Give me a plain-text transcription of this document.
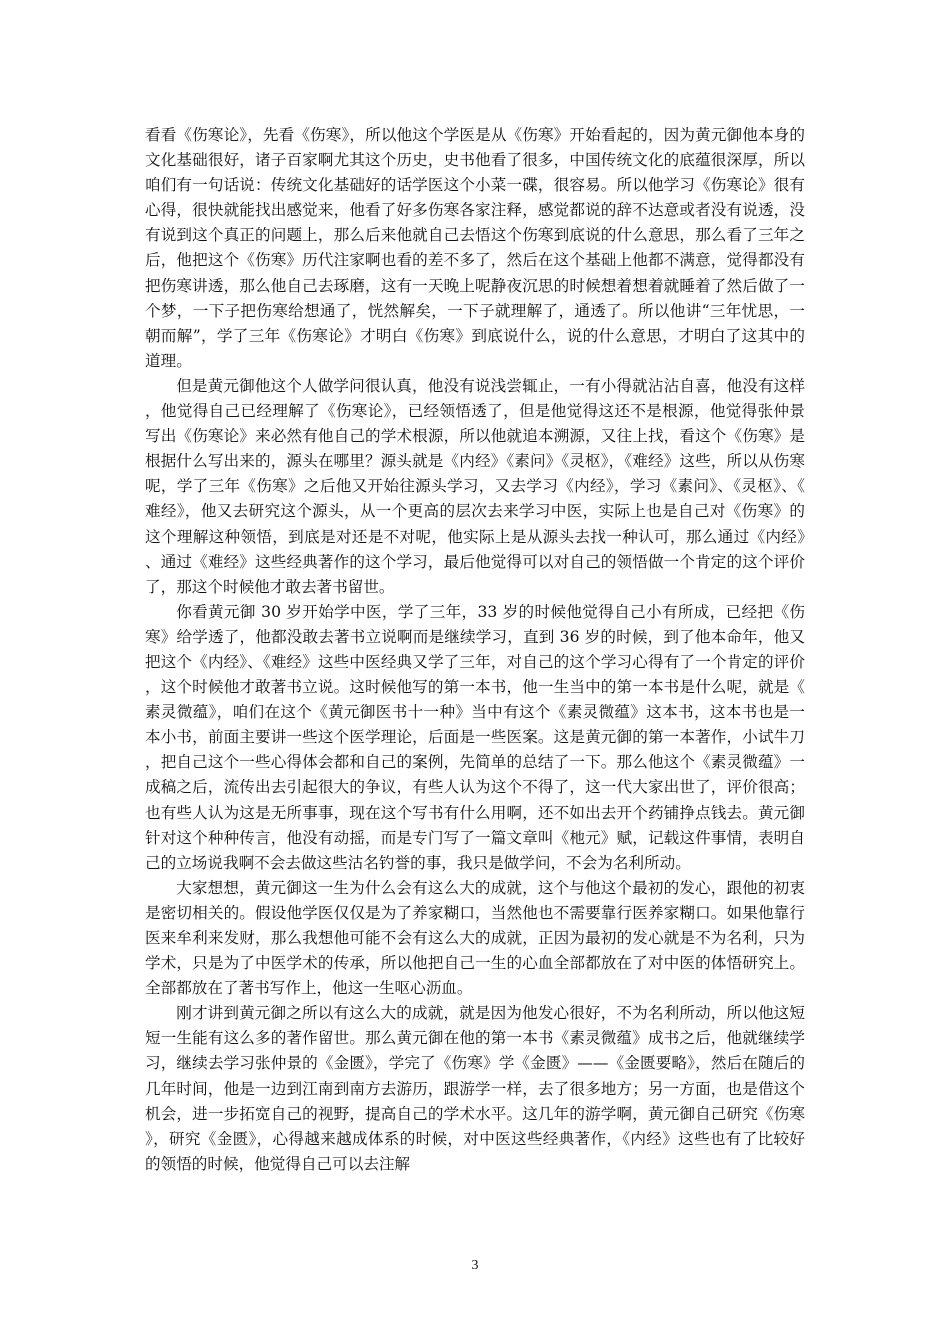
看看《伤寒论》，先看《伤寒》，所以他这个学医是从《伤寒》开始看起的，因为黄元御他本身的文化基础很好，诸子百家啊尤其这个历史，史书他看了很多，中国传统文化的底蕴很深厚，所以咱们有一句话说：传统文化基础好的话学医这个小菜一碟，很容易。所以他学习《伤寒论》很有心得，很快就能找出感觉来，他看了好多伤寒各家注释，感觉都说的辞不达意或者没有说透，没有说到这个真正的问题上，那么后来他就自己去悟这个伤寒到底说的什么意思，那么看了三年之后，他把这个《伤寒》历代注家啊也看的差不多了，然后在这个基础上他都不满意，觉得都没有把伤寒讲透，那么他自己去琢磨，这有一天晚上呢静夜沉思的时候想着想着就睡着了然后做了一个梦，一下子把伤寒给想通了，恍然解矣，一下子就理解了，通透了。所以他讲“三年忧思，一朝而解”，学了三年《伤寒论》才明白《伤寒》到底说什么，说的什么意思，才明白了这其中的道理。

但是黄元御他这个人做学问很认真，他没有说浅尝辄止，一有小得就沾沾自喜，他没有这样，他觉得自己已经理解了《伤寒论》，已经领悟透了，但是他觉得这还不是根源，他觉得张仲景写出《伤寒论》来必然有他自己的学术根源，所以他就追本溯源，又往上找，看这个《伤寒》是根据什么写出来的，源头在哪里？源头就是《内经》《素问》《灵枢》，《难经》这些，所以从伤寒呢，学了三年《伤寒》之后他又开始往源头学习，又去学习《内经》，学习《素问》、《灵枢》、《难经》，他又去研究这个源头，从一个更高的层次去来学习中医，实际上也是自己对《伤寒》的这个理解这种领悟，到底是对还是不对呢，他实际上是从源头去找一种认可，那么通过《内经》、通过《难经》这些经典著作的这个学习，最后他觉得可以对自己的领悟做一个肯定的这个评价了，那这个时候他才敢去著书留世。

你看黄元御 30 岁开始学中医，学了三年，33 岁的时候他觉得自己小有所成，已经把《伤寒》给学透了，他都没敢去著书立说啊而是继续学习，直到 36 岁的时候，到了他本命年，他又把这个《内经》、《难经》这些中医经典又学了三年，对自己的这个学习心得有了一个肯定的评价，这个时候他才敢著书立说。这时候他写的第一本书，他一生当中的第一本书是什么呢，就是《素灵微蕴》，咱们在这个《黄元御医书十一种》当中有这个《素灵微蕴》这本书，这本书也是一本小书，前面主要讲一些这个医学理论，后面是一些医案。这是黄元御的第一本著作，小试牛刀，把自己这个一些心得体会都和自己的案例，先简单的总结了一下。那么他这个《素灵微蕴》一成稿之后，流传出去引起很大的争议，有些人认为这个不得了，这一代大家出世了，评价很高；也有些人认为这是无所事事，现在这个写书有什么用啊，还不如出去开个药铺挣点钱去。黄元御针对这个种种传言，他没有动摇，而是专门写了一篇文章叫《杝元》赋，记载这件事情，表明自己的立场说我啊不会去做这些沽名钓誉的事，我只是做学问，不会为名利所动。

大家想想，黄元御这一生为什么会有这么大的成就，这个与他这个最初的发心，跟他的初衷是密切相关的。假设他学医仅仅是为了养家糊口，当然他也不需要靠行医养家糊口。如果他靠行医来牟利来发财，那么我想他可能不会有这么大的成就，正因为最初的发心就是不为名利，只为学术，只是为了中医学术的传承，所以他把自己一生的心血全部都放在了对中医的体悟研究上。全部都放在了著书写作上，他这一生呕心沥血。

刚才讲到黄元御之所以有这么大的成就，就是因为他发心很好，不为名利所动，所以他这短短一生能有这么多的著作留世。那么黄元御在他的第一本书《素灵微蕴》成书之后，他就继续学习，继续去学习张仲景的《金匮》，学完了《伤寒》学《金匮》——《金匮要略》，然后在随后的几年时间，他是一边到江南到南方去游历，跟游学一样，去了很多地方；另一方面，也是借这个机会，进一步拓宽自己的视野，提高自己的学术水平。这几年的游学啊，黄元御自己研究《伤寒》，研究《金匮》，心得越来越成体系的时候，对中医这些经典著作，《内经》这些也有了比较好的领悟的时候，他觉得自己可以去注解

3
